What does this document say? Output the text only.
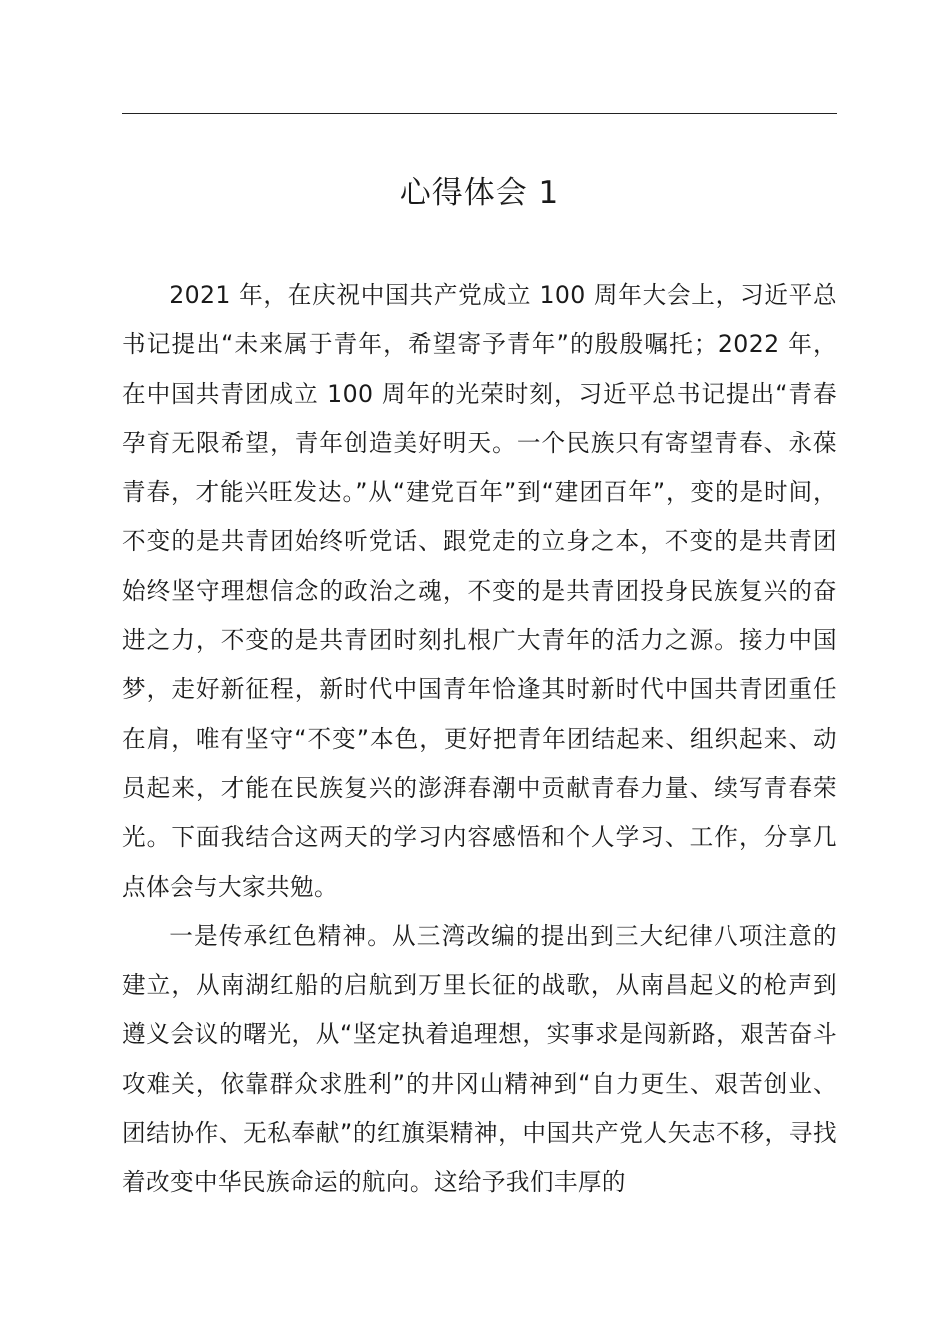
心得体会 1

2021 年，在庆祝中国共产党成立 100 周年大会上，习近平总书记提出“未来属于青年，希望寄予青年”的殷殷嘱托；2022 年，在中国共青团成立 100 周年的光荣时刻，习近平总书记提出“青春孕育无限希望，青年创造美好明天。一个民族只有寄望青春、永葆青春，才能兴旺发达。”从“建党百年”到“建团百年”，变的是时间，不变的是共青团始终听党话、跟党走的立身之本，不变的是共青团始终坚守理想信念的政治之魂，不变的是共青团投身民族复兴的奋进之力，不变的是共青团时刻扎根广大青年的活力之源。接力中国梦，走好新征程，新时代中国青年恰逢其时新时代中国共青团重任在肩，唯有坚守“不变”本色，更好把青年团结起来、组织起来、动员起来，才能在民族复兴的澎湃春潮中贡献青春力量、续写青春荣光。下面我结合这两天的学习内容感悟和个人学习、工作，分享几点体会与大家共勉。

一是传承红色精神。从三湾改编的提出到三大纪律八项注意的建立，从南湖红船的启航到万里长征的战歌，从南昌起义的枪声到遵义会议的曙光，从“坚定执着追理想，实事求是闯新路，艰苦奋斗攻难关，依靠群众求胜利”的井冈山精神到“自力更生、艰苦创业、团结协作、无私奉献”的红旗渠精神，中国共产党人矢志不移，寻找着改变中华民族命运的航向。这给予我们丰厚的
